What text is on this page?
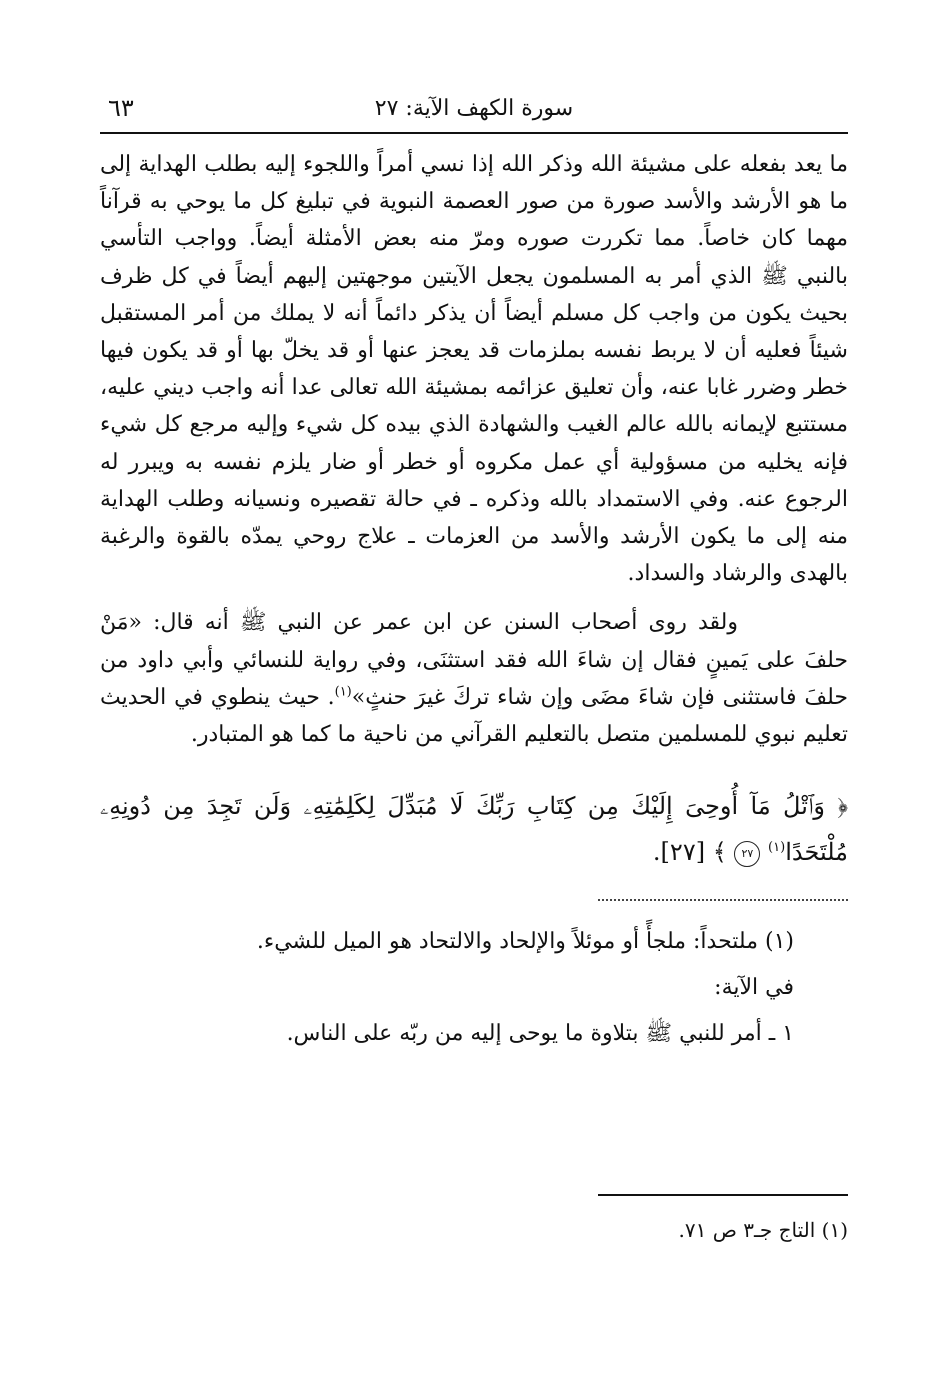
سورة الكهف الآية: ٢٧
٦٣

ما يعد بفعله على مشيئة الله وذكر الله إذا نسي أمراً واللجوء إليه بطلب الهداية إلى ما هو الأرشد والأسد صورة من صور العصمة النبوية في تبليغ كل ما يوحي به قرآناً مهما كان خاصاً. مما تكررت صوره ومرّ منه بعض الأمثلة أيضاً. وواجب التأسي بالنبي ﷺ الذي أمر به المسلمون يجعل الآيتين موجهتين إليهم أيضاً في كل ظرف بحيث يكون من واجب كل مسلم أيضاً أن يذكر دائماً أنه لا يملك من أمر المستقبل شيئاً فعليه أن لا يربط نفسه بملزمات قد يعجز عنها أو قد يخلّ بها أو قد يكون فيها خطر وضرر غابا عنه، وأن تعليق عزائمه بمشيئة الله تعالى عدا أنه واجب ديني عليه، مستتبع لإيمانه بالله عالم الغيب والشهادة الذي بيده كل شيء وإليه مرجع كل شيء فإنه يخليه من مسؤولية أي عمل مكروه أو خطر أو ضار يلزم نفسه به ويبرر له الرجوع عنه. وفي الاستمداد بالله وذكره ـ في حالة تقصيره ونسيانه وطلب الهداية منه إلى ما يكون الأرشد والأسد من العزمات ـ علاج روحي يمدّه بالقوة والرغبة بالهدى والرشاد والسداد.

ولقد روى أصحاب السنن عن ابن عمر عن النبي ﷺ أنه قال: «مَنْ حلفَ على يَمينٍ فقال إن شاءَ الله فقد استثنَى، وفي رواية للنسائي وأبي داود من حلفَ فاستثنى فإن شاءَ مضَى وإن شاء تركَ غيرَ حنثٍ»$^{(١)}$. حيث ينطوي في الحديث تعليم نبوي للمسلمين متصل بالتعليم القرآني من ناحية ما كما هو المتبادر.

﴿ وَٱتْلُ مَآ أُوحِىَ إِلَيْكَ مِن كِتَابِ رَبِّكَ لَا مُبَدِّلَ لِكَلِمَٰتِهِۦ وَلَن تَجِدَ مِن دُونِهِۦ مُلْتَحَدًا$^{(١)}$ ٢٧ ﴾ [٢٧].
(١) ملتحداً: ملجأً أو موئلاً والإلحاد والالتحاد هو الميل للشيء.
في الآية:
١ ـ أمر للنبي ﷺ بتلاوة ما يوحى إليه من ربّه على الناس.
(١) التاج جـ٣ ص ٧١.
